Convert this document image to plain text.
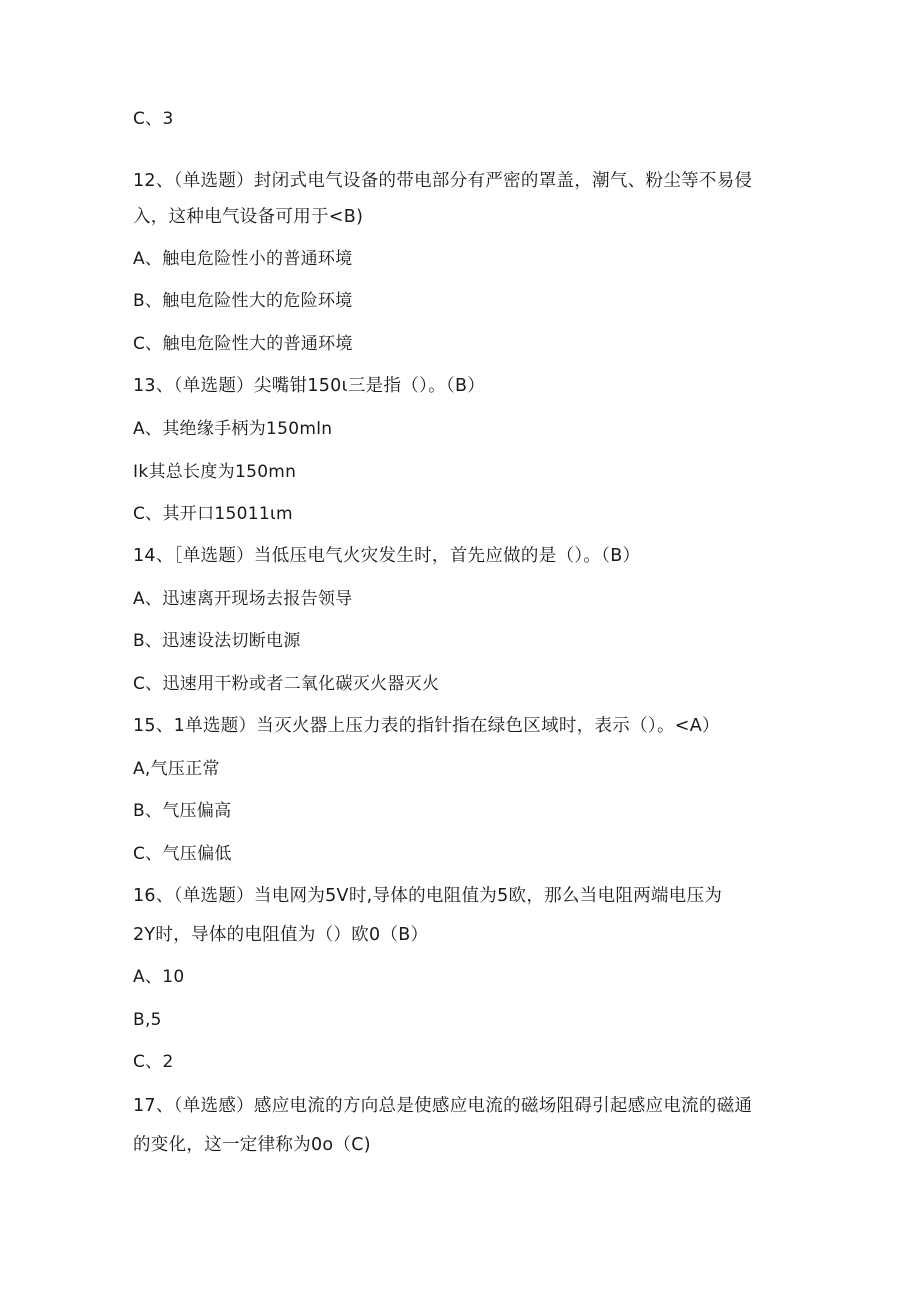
C、3
12、（单选题）封闭式电气设备的带电部分有严密的罩盖，潮气、粉尘等不易侵
入，这种电气设备可用于<B)
A、触电危险性小的普通环境
B、触电危险性大的危险环境
C、触电危险性大的普通环境
13、（单选题）尖嘴钳150ι三是指（）。（B）
A、其绝缘手柄为150mln
Ik其总长度为150mn
C、其开口15011ιm
14、［单选题）当低压电气火灾发生时，首先应做的是（）。（B）
A、迅速离开现场去报告领导
B、迅速设法切断电源
C、迅速用干粉或者二氧化碳灭火器灭火
15、1单选题）当灭火器上压力表的指针指在绿色区域时，表示（）。<A）
A,气压正常
B、气压偏高
C、气压偏低
16、（单选题）当电网为5V时,导体的电阻值为5欧，那么当电阻两端电压为
2Y时，导体的电阻值为（）欧0（B）
A、10
B,5
C、2
17、（单选感）感应电流的方向总是使感应电流的磁场阻碍引起感应电流的磁通
的变化，这一定律称为0o（C)
